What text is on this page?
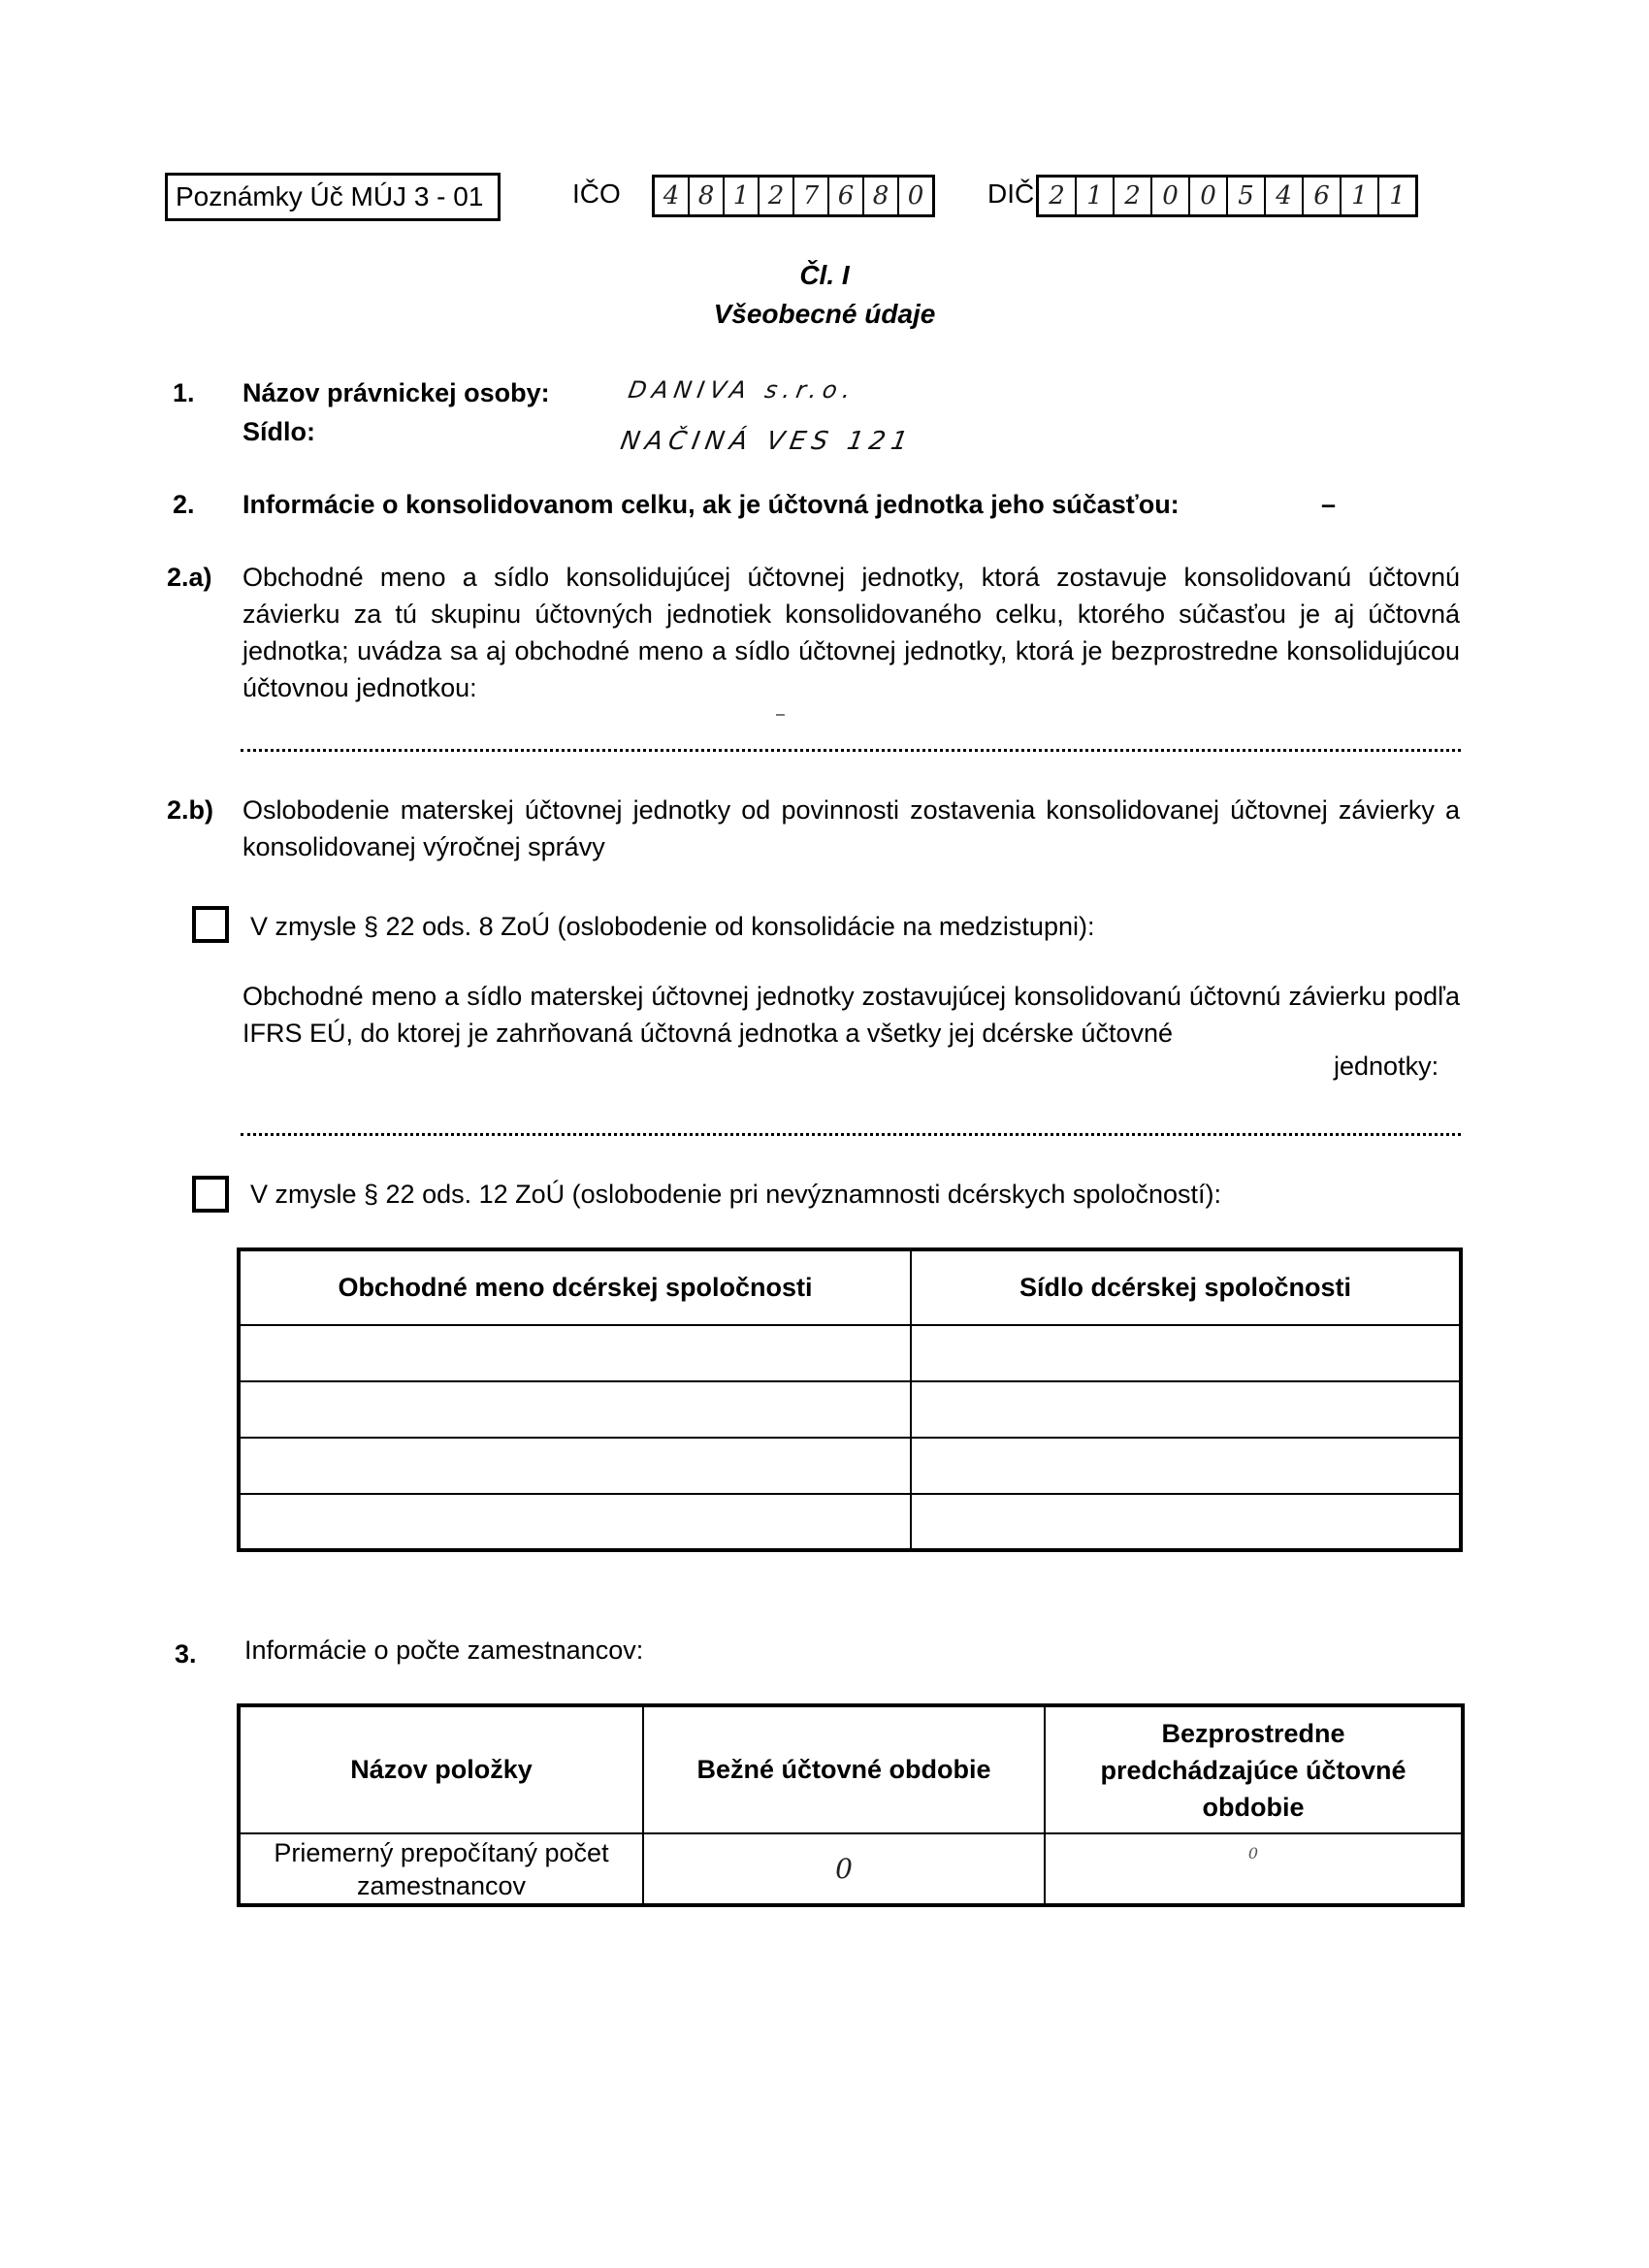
Poznámky Úč MÚJ 3 - 01	IČO	4 8 1 2 7 6 8 0	DIČ 2 1 2 0 0 5 4 6 1 1
Čl. I
Všeobecné údaje
1. Názov právnickej osoby:	DANIVA s.r.o.
Sídlo:	NAČINÁ VES 121
2. Informácie o konsolidovanom celku, ak je účtovná jednotka jeho súčasťou:	–
2.a) Obchodné meno a sídlo konsolidujúcej účtovnej jednotky, ktorá zostavuje konsolidovanú účtovnú závierku za tú skupinu účtovných jednotiek konsolidovaného celku, ktorého súčasťou je aj účtovná jednotka; uvádza sa aj obchodné meno a sídlo účtovnej jednotky, ktorá je bezprostredne konsolidujúcou účtovnou jednotkou:
–
2.b) Oslobodenie materskej účtovnej jednotky od povinnosti zostavenia konsolidovanej účtovnej závierky a konsolidovanej výročnej správy
V zmysle § 22 ods. 8 ZoÚ (oslobodenie od konsolidácie na medzistupni):
Obchodné meno a sídlo materskej účtovnej jednotky zostavujúcej konsolidovanú účtovnú závierku podľa IFRS EÚ, do ktorej je zahrňovaná účtovná jednotka a všetky jej dcérske účtovné
jednotky:
V zmysle § 22 ods. 12 ZoÚ (oslobodenie pri nevýznamnosti dcérskych spoločností):
Obchodné meno dcérskej spoločnosti	Sídlo dcérskej spoločnosti

3. Informácie o počte zamestnancov:
Názov položky	Bežné účtovné obdobie	Bezprostredne predchádzajúce účtovné obdobie
Priemerný prepočítaný počet zamestnancov	0	0
